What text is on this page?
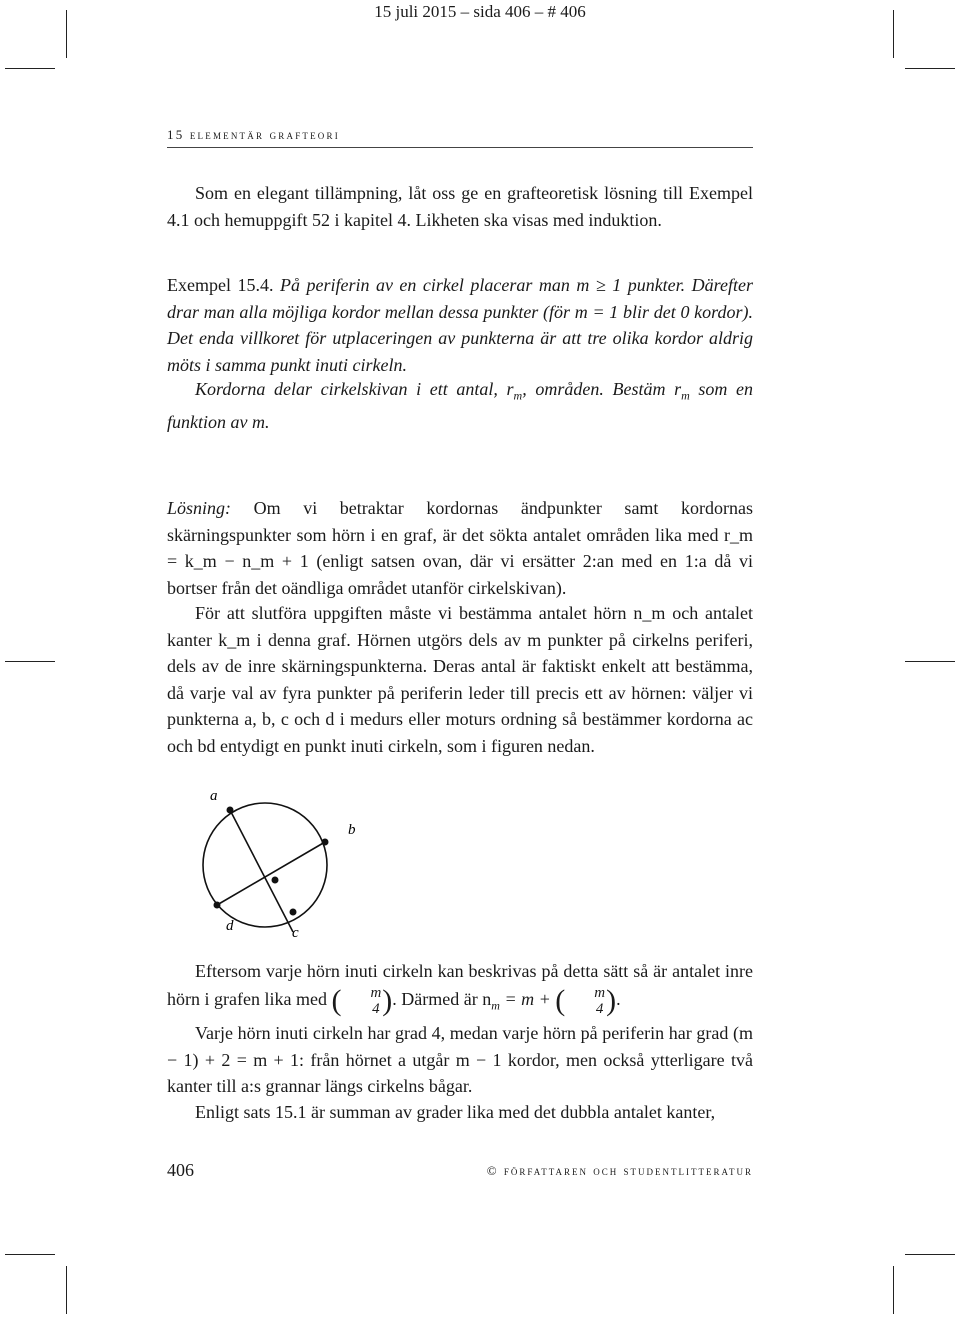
15 juli 2015 – sida 406 – # 406
15 elementär grafteori
Som en elegant tillämpning, låt oss ge en grafteoretisk lösning till Exempel 4.1 och hemuppgift 52 i kapitel 4. Likheten ska visas med induktion.
Exempel 15.4. På periferin av en cirkel placerar man m ≥ 1 punkter. Därefter drar man alla möjliga kordor mellan dessa punkter (för m = 1 blir det 0 kordor). Det enda villkoret för utplaceringen av punkterna är att tre olika kordor aldrig möts i samma punkt inuti cirkeln.
Kordorna delar cirkelskivan i ett antal, $r_m$, områden. Bestäm $r_m$ som en funktion av m.
Lösning: Om vi betraktar kordornas ändpunkter samt kordornas skärningspunkter som hörn i en graf, är det sökta antalet områden lika med r_m = k_m − n_m + 1 (enligt satsen ovan, där vi ersätter 2:an med en 1:a då vi bortser från det oändliga området utanför cirkelskivan).
För att slutföra uppgiften måste vi bestämma antalet hörn n_m och antalet kanter k_m i denna graf. Hörnen utgörs dels av m punkter på cirkelns periferi, dels av de inre skärningspunkterna. Deras antal är faktiskt enkelt att bestämma, då varje val av fyra punkter på periferin leder till precis ett av hörnen: väljer vi punkterna a, b, c och d i medurs eller moturs ordning så bestämmer kordorna ac och bd entydigt en punkt inuti cirkeln, som i figuren nedan.
a
b
d	c
Eftersom varje hörn inuti cirkeln kan beskrivas på detta sätt så är antalet inre hörn i grafen lika med (	m
4 ). Därmed är $n_m = m$ + (	m
4 ).
Varje hörn inuti cirkeln har grad 4, medan varje hörn på periferin har grad (m − 1) + 2 = m + 1: från hörnet a utgår m − 1 kordor, men också ytterligare två kanter till a:s grannar längs cirkelns bågar.
Enligt sats 15.1 är summan av grader lika med det dubbla antalet kanter,
406	© författaren och studentlitteratur
